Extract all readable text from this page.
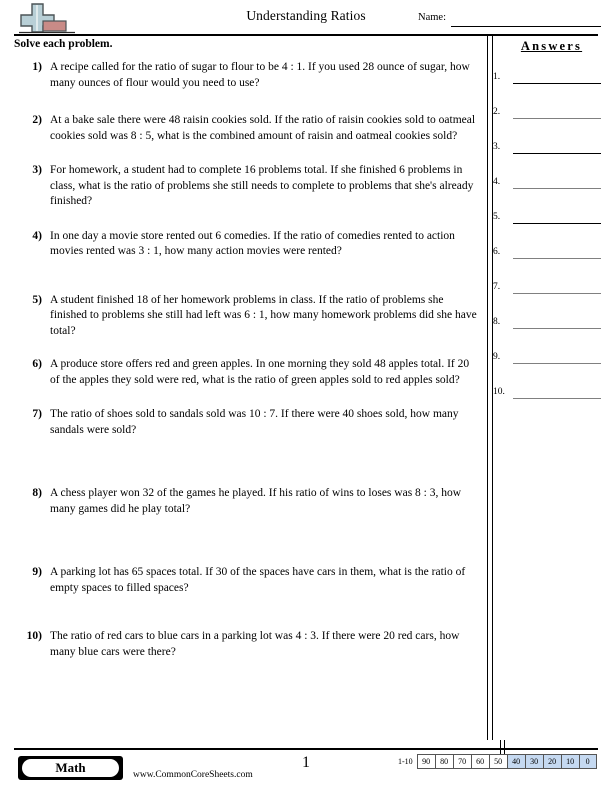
Understanding Ratios	Name:
Solve each problem.
1) A recipe called for the ratio of sugar to flour to be 4 : 1. If you used 28 ounce of sugar, how many ounces of flour would you need to use?
2) At a bake sale there were 48 raisin cookies sold. If the ratio of raisin cookies sold to oatmeal cookies sold was 8 : 5, what is the combined amount of raisin and oatmeal cookies sold?
3) For homework, a student had to complete 16 problems total. If she finished 6 problems in class, what is the ratio of problems she still needs to complete to problems that she's already finished?
4) In one day a movie store rented out 6 comedies. If the ratio of comedies rented to action movies rented was 3 : 1, how many action movies were rented?
5) A student finished 18 of her homework problems in class. If the ratio of problems she finished to problems she still had left was 6 : 1, how many homework problems did she have total?
6) A produce store offers red and green apples. In one morning they sold 48 apples total. If 20 of the apples they sold were red, what is the ratio of green apples sold to red apples sold?
7) The ratio of shoes sold to sandals sold was 10 : 7. If there were 40 shoes sold, how many sandals were sold?
8) A chess player won 32 of the games he played. If his ratio of wins to loses was 8 : 3, how many games did he play total?
9) A parking lot has 65 spaces total. If 30 of the spaces have cars in them, what is the ratio of empty spaces to filled spaces?
10) The ratio of red cars to blue cars in a parking lot was 4 : 3. If there were 20 red cars, how many blue cars were there?
Answers
1.
2.
3.
4.
5.
6.
7.
8.
9.
10.
Math	www.CommonCoreSheets.com
1	1-10	90	80	70	60	50	40	30	20	10	0
